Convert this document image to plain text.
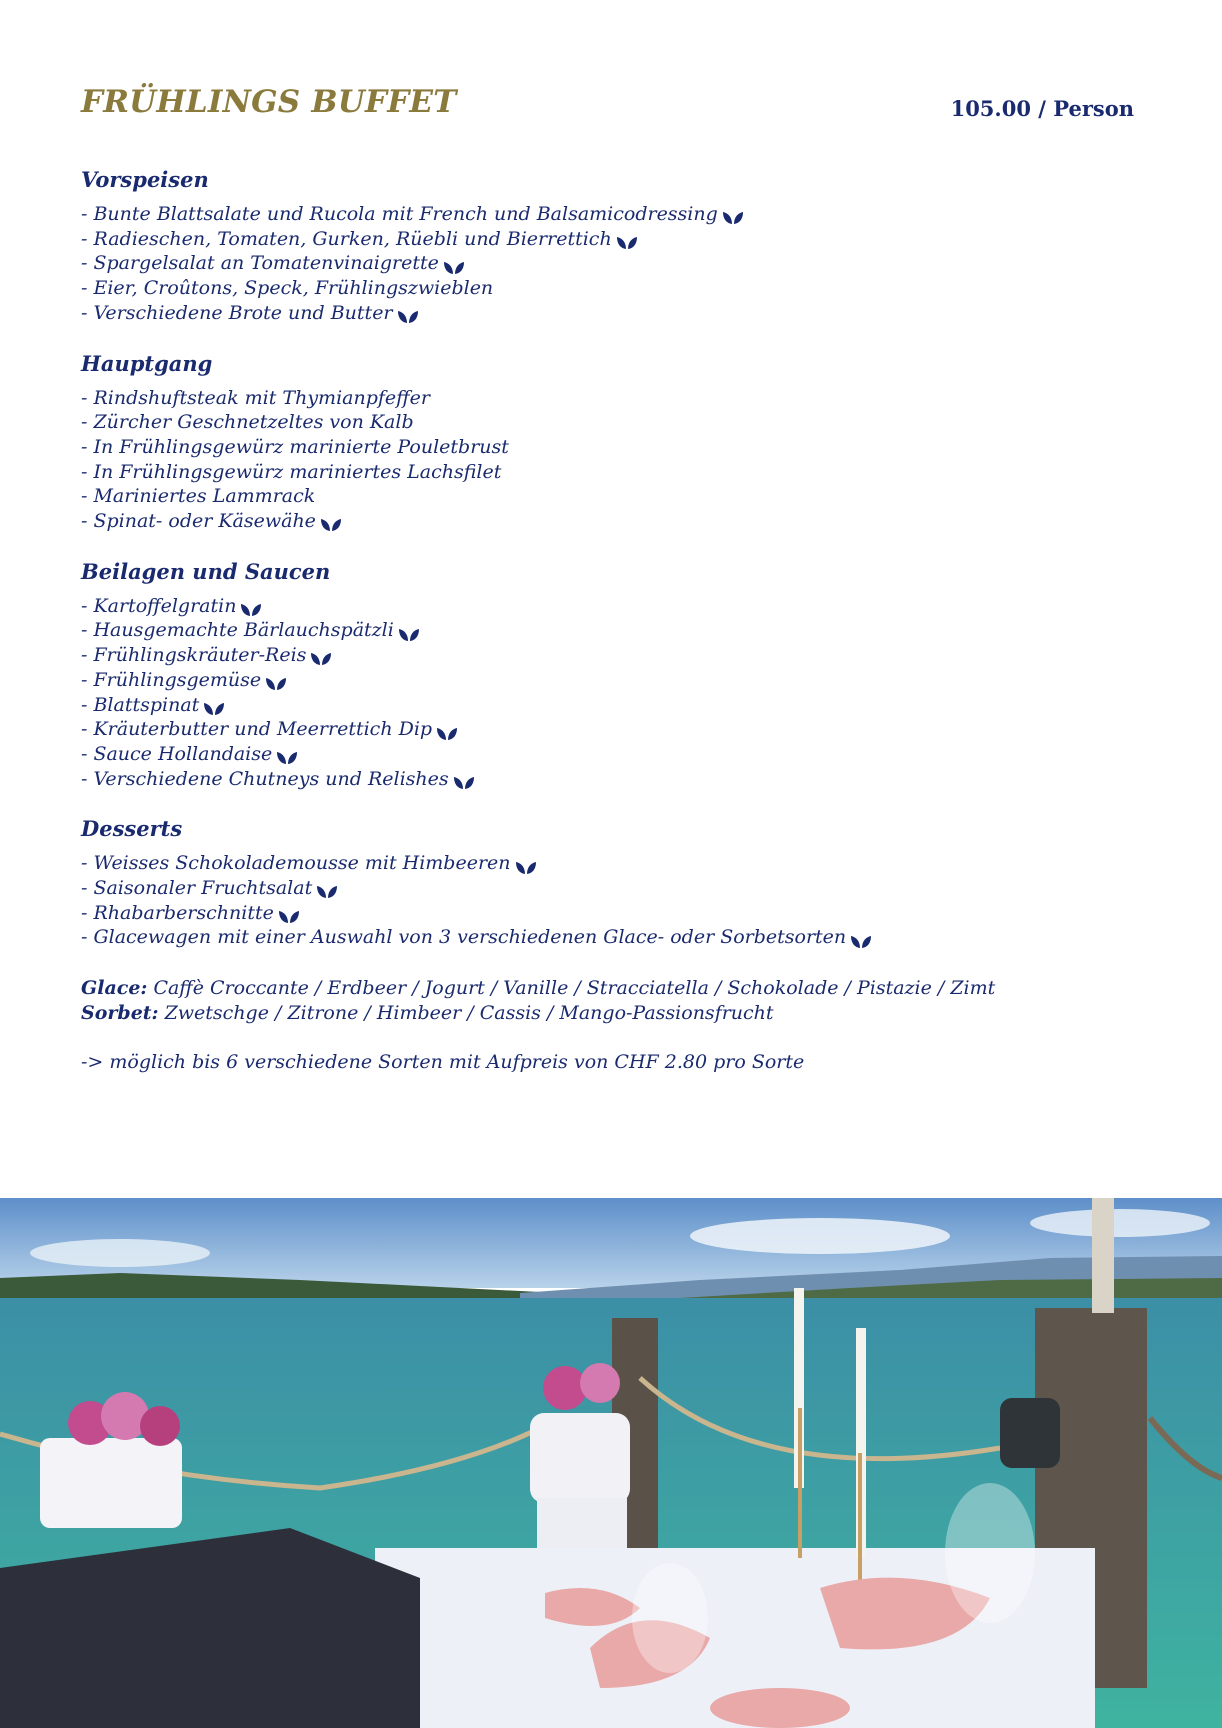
FRÜHLINGS BUFFET	105.00 / Person
Vorspeisen
- Bunte Blattsalate und Rucola mit French und Balsamicodressing
- Radieschen, Tomaten, Gurken, Rüebli und Bierrettich
- Spargelsalat an Tomatenvinaigrette
- Eier, Croûtons, Speck, Frühlingszwieblen
- Verschiedene Brote und Butter
Hauptgang
- Rindshuftsteak mit Thymianpfeffer
- Zürcher Geschnetzeltes von Kalb
- In Frühlingsgewürz marinierte Pouletbrust
- In Frühlingsgewürz mariniertes Lachsfilet
- Mariniertes Lammrack
- Spinat- oder Käsewähe
Beilagen und Saucen
- Kartoffelgratin
- Hausgemachte Bärlauchspätzli
- Frühlingskräuter-Reis
- Frühlingsgemüse
- Blattspinat
- Kräuterbutter und Meerrettich Dip
- Sauce Hollandaise
- Verschiedene Chutneys und Relishes
Desserts
- Weisses Schokolademousse mit Himbeeren
- Saisonaler Fruchtsalat
- Rhabarberschnitte
- Glacewagen mit einer Auswahl von 3 verschiedenen Glace- oder Sorbetsorten
Glace: Caffè Croccante / Erdbeer / Jogurt / Vanille / Stracciatella / Schokolade / Pistazie / Zimt
Sorbet: Zwetschge / Zitrone / Himbeer / Cassis / Mango-Passionsfrucht
-> möglich bis 6 verschiedene Sorten mit Aufpreis von CHF 2.80 pro Sorte
